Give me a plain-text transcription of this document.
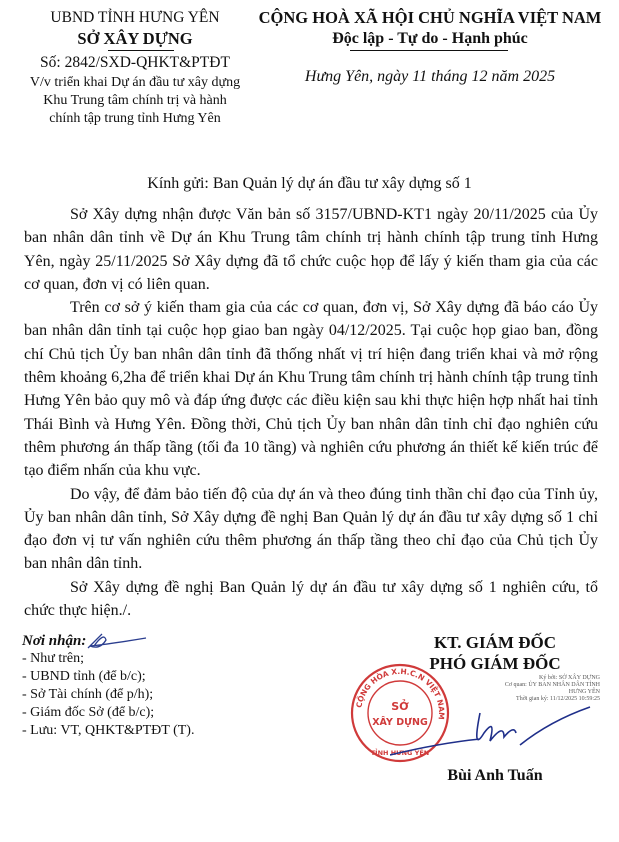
UBND TỈNH HƯNG YÊN
SỞ XÂY DỰNG
Số: 2842/SXD-QHKT&PTĐT
V/v triển khai Dự án đầu tư xây dựng
Khu Trung tâm chính trị và hành
chính tập trung tỉnh Hưng Yên
CỘNG HOÀ XÃ HỘI CHỦ NGHĨA VIỆT NAM
Độc lập - Tự do - Hạnh phúc
Hưng Yên, ngày 11 tháng 12 năm 2025
Kính gửi: Ban Quản lý dự án đầu tư xây dựng số 1

Sở Xây dựng nhận được Văn bản số 3157/UBND-KT1 ngày 20/11/2025 của Ủy ban nhân dân tỉnh về Dự án Khu Trung tâm chính trị hành chính tập trung tỉnh Hưng Yên, ngày 25/11/2025 Sở Xây dựng đã tổ chức cuộc họp để lấy ý kiến tham gia của các cơ quan, đơn vị có liên quan.

Trên cơ sở ý kiến tham gia của các cơ quan, đơn vị, Sở Xây dựng đã báo cáo Ủy ban nhân dân tỉnh tại cuộc họp giao ban ngày 04/12/2025. Tại cuộc họp giao ban, đồng chí Chủ tịch Ủy ban nhân dân tỉnh đã thống nhất vị trí hiện đang triển khai và mở rộng thêm khoảng 6,2ha để triển khai Dự án Khu Trung tâm chính trị hành chính tập trung tỉnh Hưng Yên bảo quy mô và đáp ứng được các điều kiện sau khi thực hiện hợp nhất hai tỉnh Thái Bình và Hưng Yên. Đồng thời, Chủ tịch Ủy ban nhân dân tỉnh chỉ đạo nghiên cứu thêm phương án thấp tầng (tối đa 10 tầng) và nghiên cứu phương án thiết kế kiến trúc để tạo điểm nhấn của khu vực.

Do vậy, để đảm bảo tiến độ của dự án và theo đúng tinh thần chỉ đạo của Tỉnh ủy, Ủy ban nhân dân tỉnh, Sở Xây dựng đề nghị Ban Quản lý dự án đầu tư xây dựng số 1 chỉ đạo đơn vị tư vấn nghiên cứu thêm phương án thấp tầng theo chỉ đạo của Chủ tịch Ủy ban nhân dân tỉnh.

Sở Xây dựng đề nghị Ban Quản lý dự án đầu tư xây dựng số 1 nghiên cứu, tổ chức thực hiện./.

Nơi nhận:
- Như trên;
- UBND tỉnh (để b/c);
- Sở Tài chính (để p/h);
- Giám đốc Sở (để b/c);
- Lưu: VT, QHKT&PTĐT (T).
KT. GIÁM ĐỐC
PHÓ GIÁM ĐỐC
Ký bởi: SỞ XÂY DỰNG
Cơ quan: ỦY BAN NHÂN DÂN TỈNH
HƯNG YÊN
Thời gian ký: 11/12/2025 10:59:25
CỘNG HÒA X.H.C.N VIỆT NAM
SỞ
XÂY DỰNG
TỈNH HƯNG YÊN
Bùi Anh Tuấn
